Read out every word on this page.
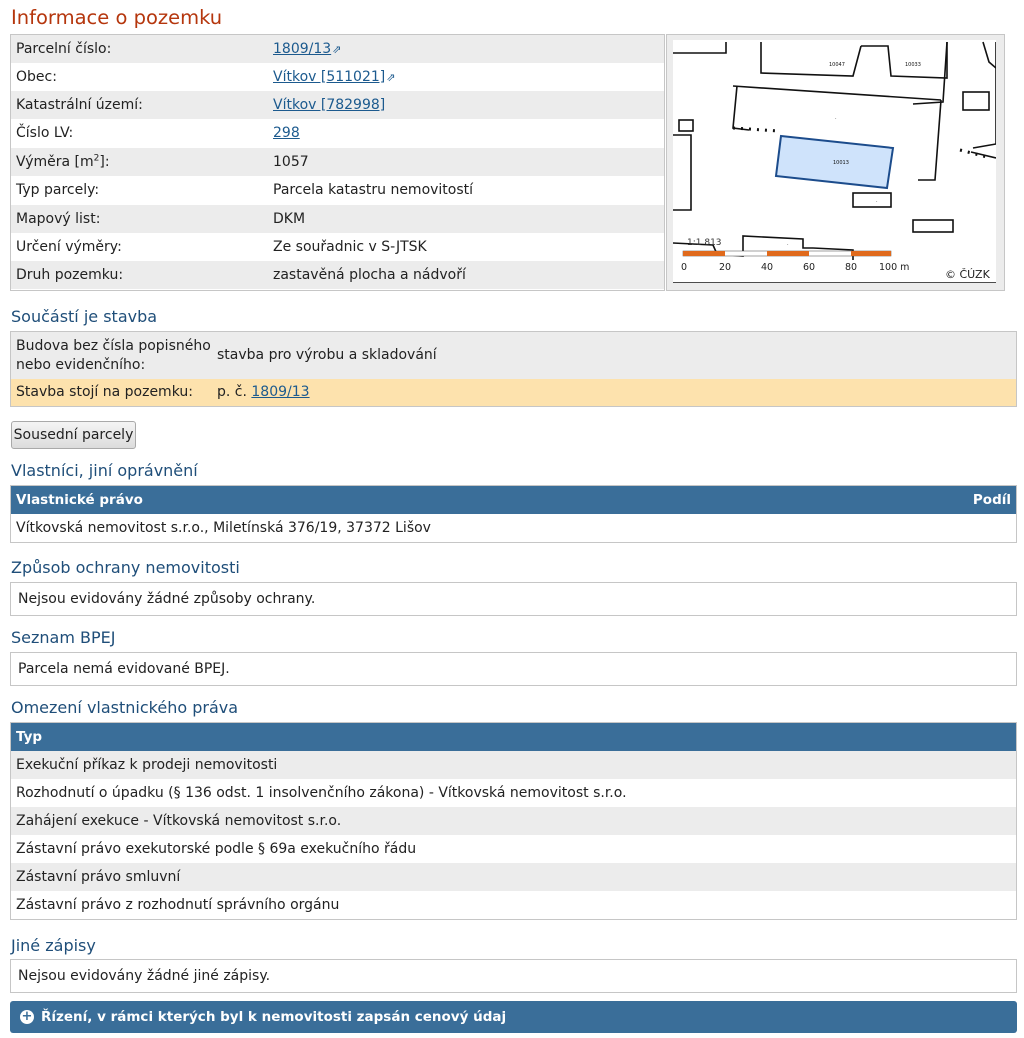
Informace o pozemku
Parcelní číslo:	1809/13⇗
Obec:	Vítkov [511021]⇗
Katastrální území:	Vítkov [782998]
Číslo LV:	298
Výměra $[m^2]$:	1057
Typ parcely:	Parcela katastru nemovitostí
Mapový list:	DKM
Určení výměry:	Ze souřadnic v S-JTSK
Druh pozemku:	zastavěná plocha a nádvoří
10047	10033
10013
·
·
·
1:1 813
0	20	40	60	80 100 m
© ČÚZK
Součástí je stavba
Budova bez čísla popisného
nebo evidenčního:
stavba pro výrobu a skladování
Stavba stojí na pozemku: p. č. 1809/13
Sousední parcely
Vlastníci, jiní oprávnění
Vlastnické právo	Podíl
Vítkovská nemovitost s.r.o., Miletínská 376/19, 37372 Lišov
Způsob ochrany nemovitosti
Nejsou evidovány žádné způsoby ochrany.
Seznam BPEJ
Parcela nemá evidované BPEJ.
Omezení vlastnického práva
Typ
Exekuční příkaz k prodeji nemovitosti
Rozhodnutí o úpadku (§ 136 odst. 1 insolvenčního zákona) - Vítkovská nemovitost s.r.o.
Zahájení exekuce - Vítkovská nemovitost s.r.o.
Zástavní právo exekutorské podle § 69a exekučního řádu
Zástavní právo smluvní
Zástavní právo z rozhodnutí správního orgánu
Jiné zápisy
Nejsou evidovány žádné jiné zápisy.
+ Řízení, v rámci kterých byl k nemovitosti zapsán cenový údaj
